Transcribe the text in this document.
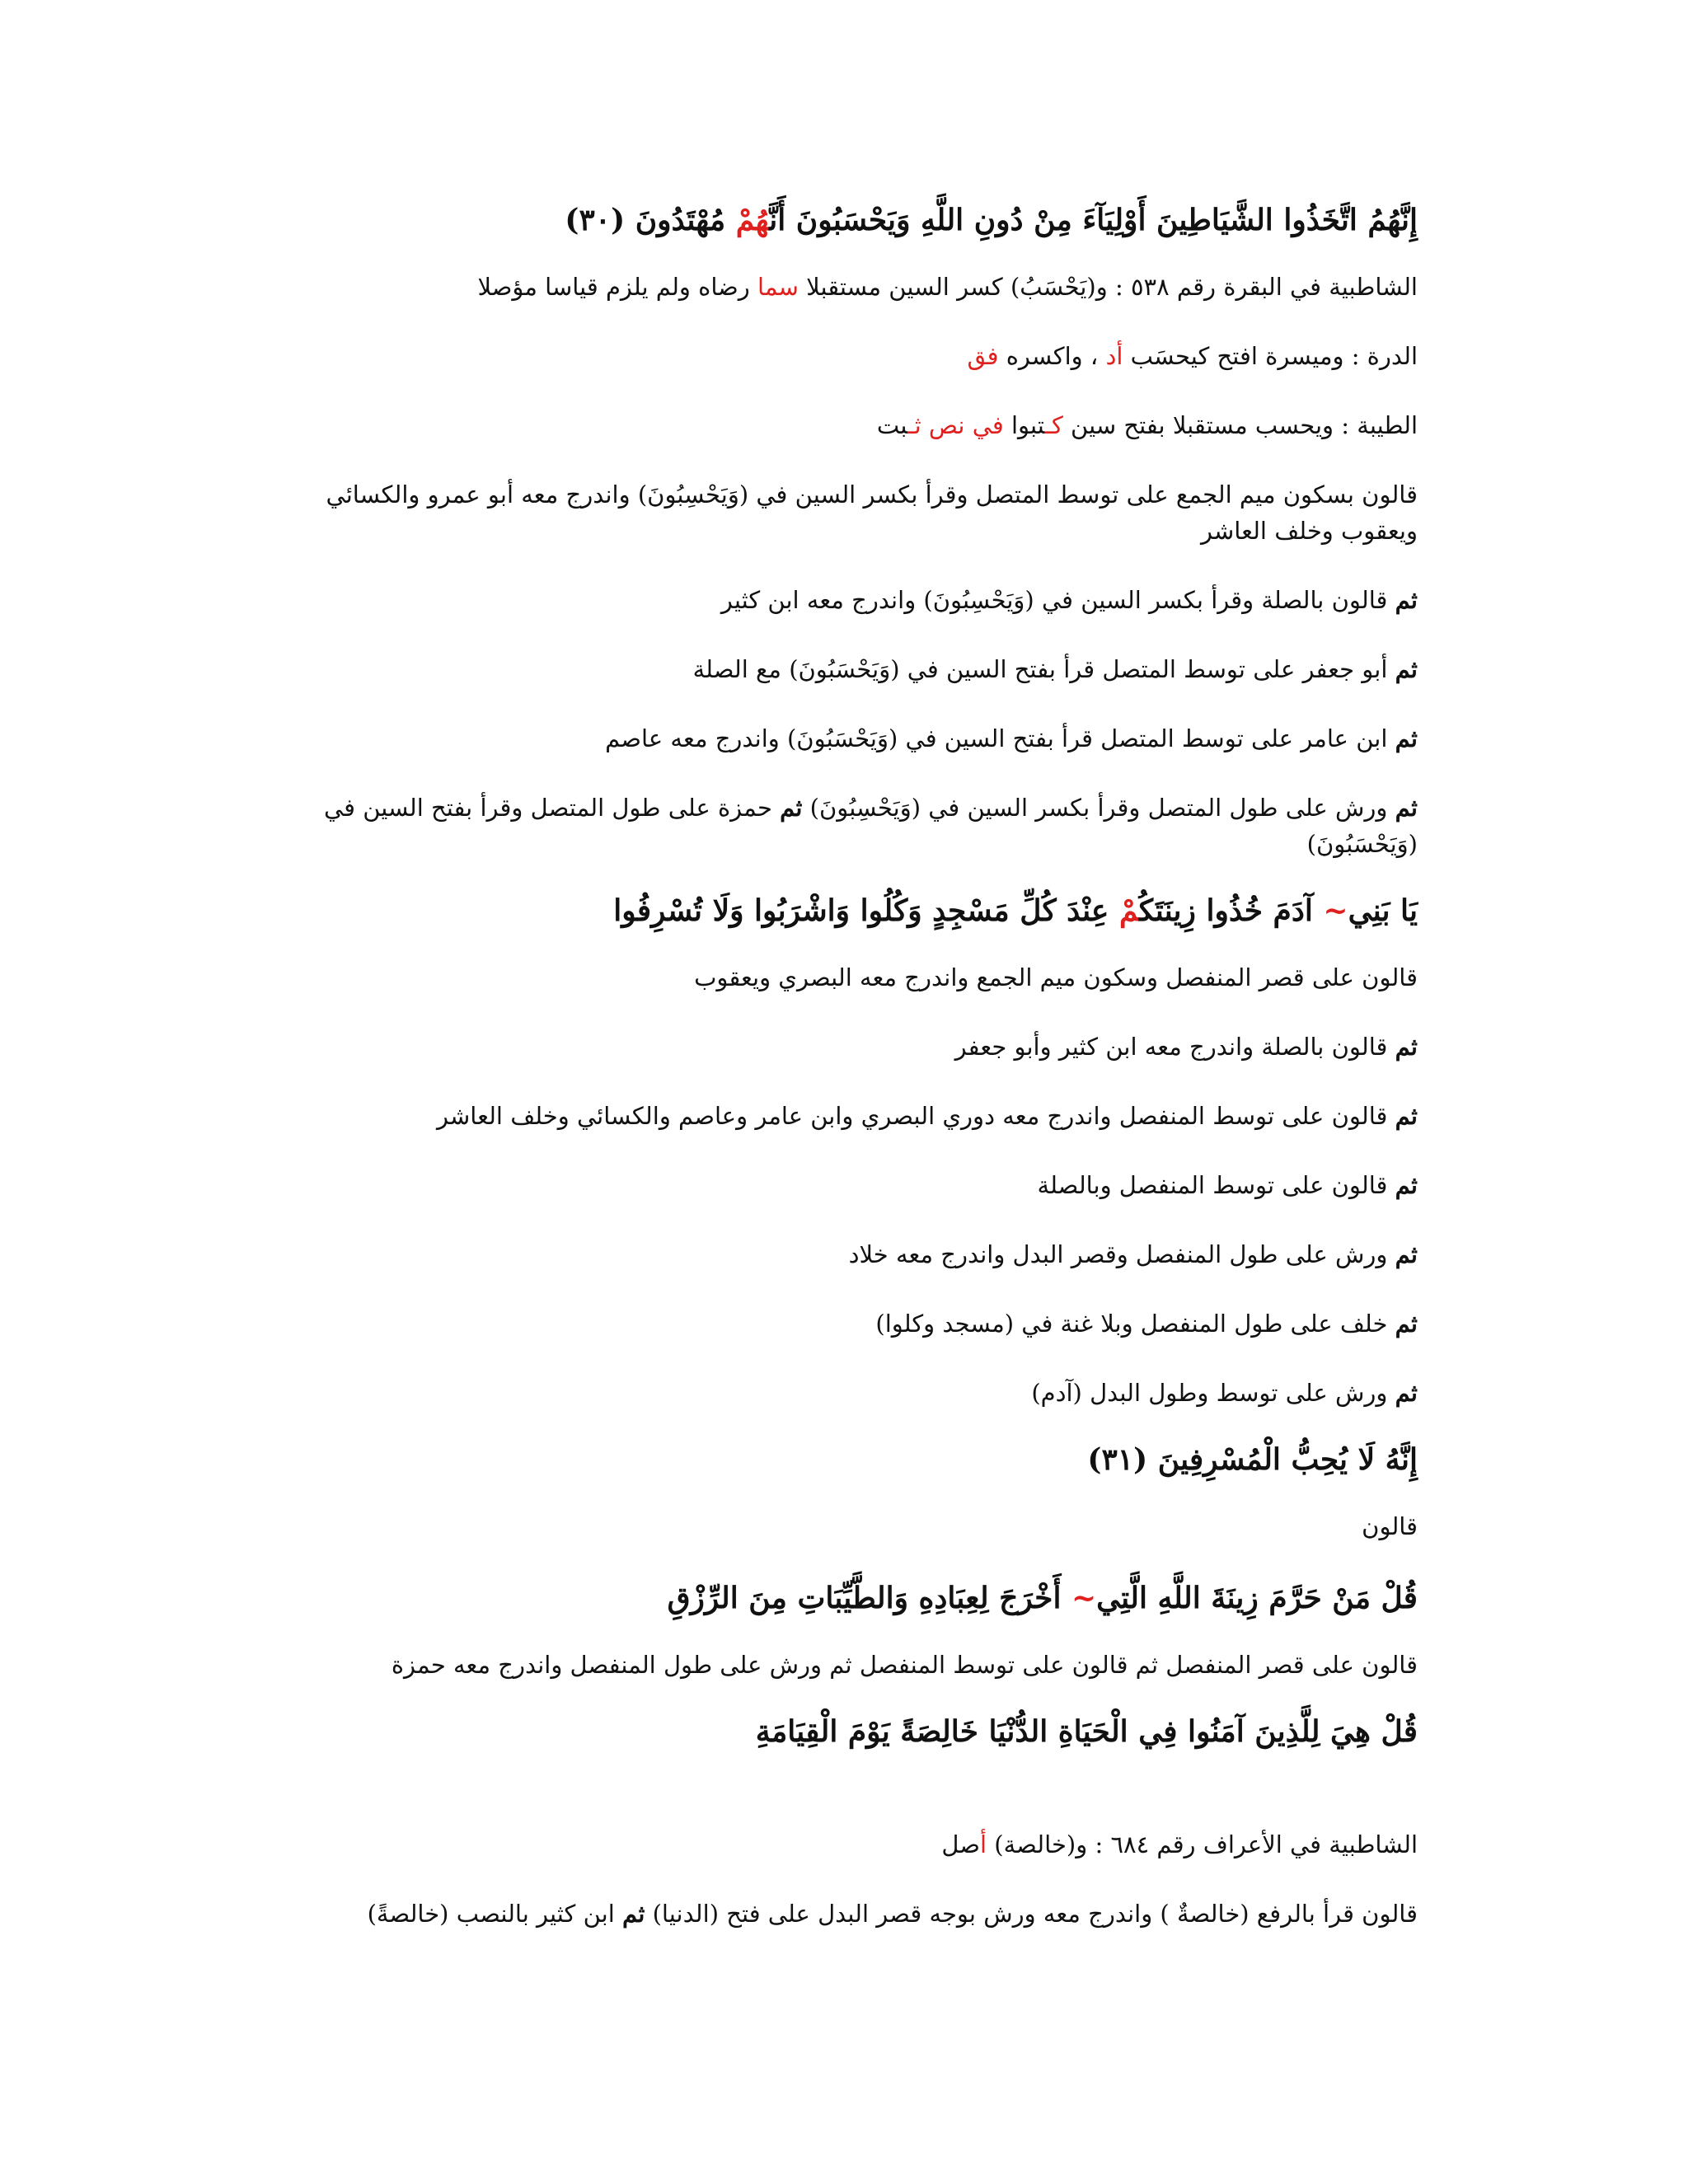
إِنَّهُمُ اتَّخَذُوا الشَّيَاطِينَ أَوْلِيَآءَ مِنْ دُونِ اللَّهِ وَيَحْسَبُونَ أَنَّهُمْ مُهْتَدُونَ (٣٠)
الشاطبية في البقرة رقم ٥٣٨ : و(يَحْسَبُ) كسر السين مستقبلا سما رضاه ولم يلزم قياسا مؤصلا
الدرة : وميسرة افتح كيحسَب أد ، واكسره فق
الطيبة : ويحسب مستقبلا بفتح سين كـتبوا في نص ثـبت
قالون بسكون ميم الجمع على توسط المتصل وقرأ بكسر السين في (وَيَحْسِبُونَ) واندرج معه أبو عمرو والكسائي ويعقوب وخلف العاشر
ثم قالون بالصلة وقرأ بكسر السين في (وَيَحْسِبُونَ) واندرج معه ابن كثير
ثم أبو جعفر على توسط المتصل قرأ بفتح السين في (وَيَحْسَبُونَ) مع الصلة
ثم ابن عامر على توسط المتصل قرأ بفتح السين في (وَيَحْسَبُونَ) واندرج معه عاصم
ثم ورش على طول المتصل وقرأ بكسر السين في (وَيَحْسِبُونَ) ثم حمزة على طول المتصل وقرأ بفتح السين في (وَيَحْسَبُونَ)
يَا بَنِي~ آدَمَ خُذُوا زِينَتَكُمْ عِنْدَ كُلِّ مَسْجِدٍ وَكُلُوا وَاشْرَبُوا وَلَا تُسْرِفُوا
قالون على قصر المنفصل وسكون ميم الجمع واندرج معه البصري ويعقوب
ثم قالون بالصلة واندرج معه ابن كثير وأبو جعفر
ثم قالون على توسط المنفصل واندرج معه دوري البصري وابن عامر وعاصم والكسائي وخلف العاشر
ثم قالون على توسط المنفصل وبالصلة
ثم ورش على طول المنفصل وقصر البدل واندرج معه خلاد
ثم خلف على طول المنفصل وبلا غنة في (مسجد وكلوا)
ثم ورش على توسط وطول البدل (آدم)
إِنَّهُ لَا يُحِبُّ الْمُسْرِفِينَ (٣١)
قالون
قُلْ مَنْ حَرَّمَ زِينَةَ اللَّهِ الَّتِي~ أَخْرَجَ لِعِبَادِهِ وَالطَّيِّبَاتِ مِنَ الرِّزْقِ
قالون على قصر المنفصل ثم قالون على توسط المنفصل ثم ورش على طول المنفصل واندرج معه حمزة
قُلْ هِيَ لِلَّذِينَ آمَنُوا فِي الْحَيَاةِ الدُّنْيَا خَالِصَةً يَوْمَ الْقِيَامَةِ
الشاطبية في الأعراف رقم ٦٨٤ : و(خالصة) أصل
قالون قرأ بالرفع (خالصةٌ ) واندرج معه ورش بوجه قصر البدل على فتح (الدنيا) ثم ابن كثير بالنصب (خالصةً)
